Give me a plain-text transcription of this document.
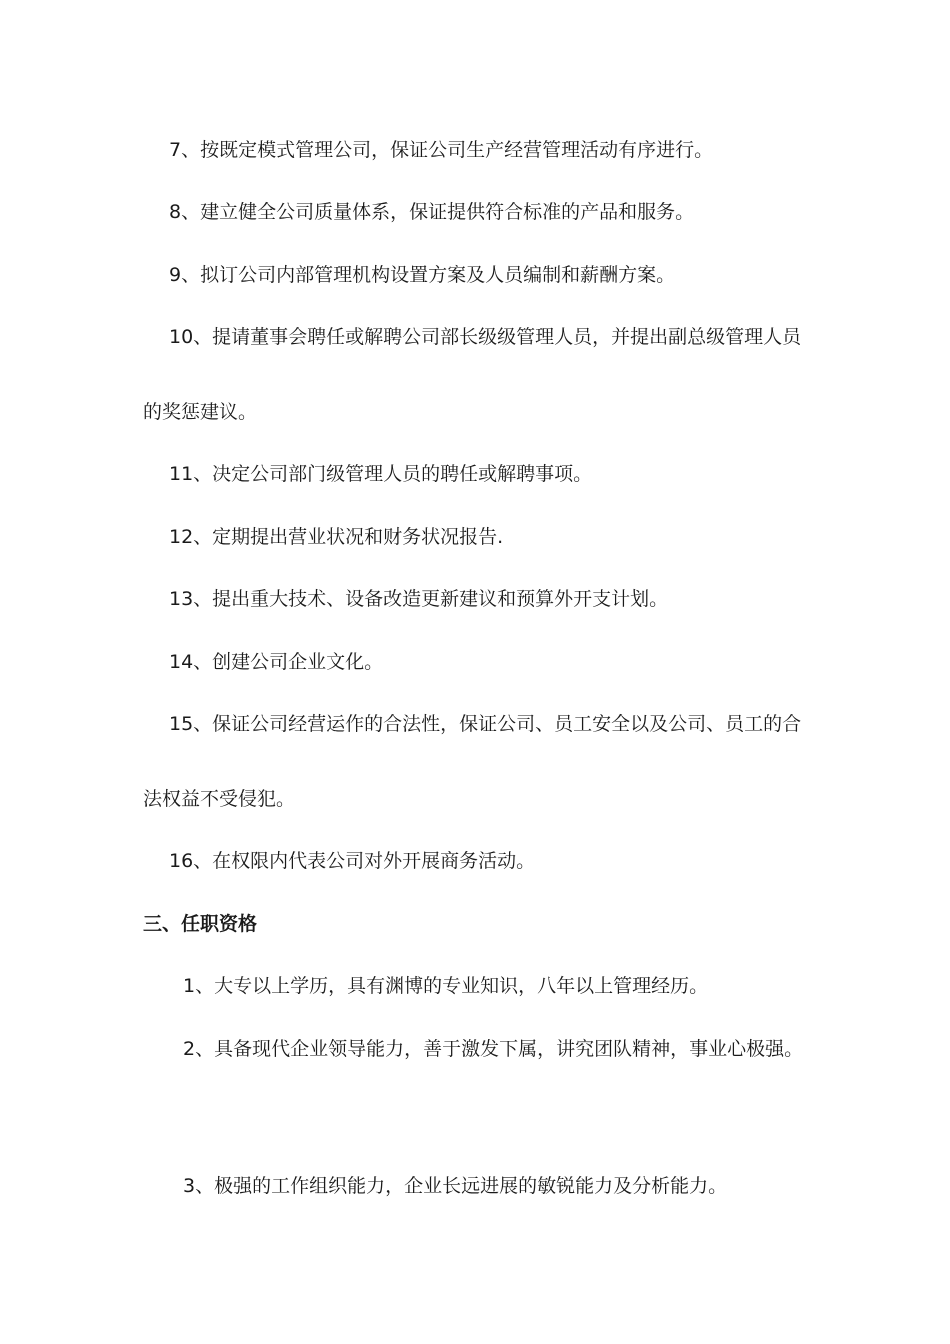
7、按既定模式管理公司，保证公司生产经营管理活动有序进行。
8、建立健全公司质量体系，保证提供符合标准的产品和服务。
9、拟订公司内部管理机构设置方案及人员编制和薪酬方案。
10、提请董事会聘任或解聘公司部长级级管理人员，并提出副总级管理人员
的奖惩建议。
11、决定公司部门级管理人员的聘任或解聘事项。
12、定期提出营业状况和财务状况报告.
13、提出重大技术、设备改造更新建议和预算外开支计划。
14、创建公司企业文化。
15、保证公司经营运作的合法性，保证公司、员工安全以及公司、员工的合
法权益不受侵犯。
16、在权限内代表公司对外开展商务活动。
三、任职资格
1、大专以上学历，具有渊博的专业知识，八年以上管理经历。
2、具备现代企业领导能力，善于激发下属，讲究团队精神，事业心极强。
3、极强的工作组织能力，企业长远进展的敏锐能力及分析能力。
